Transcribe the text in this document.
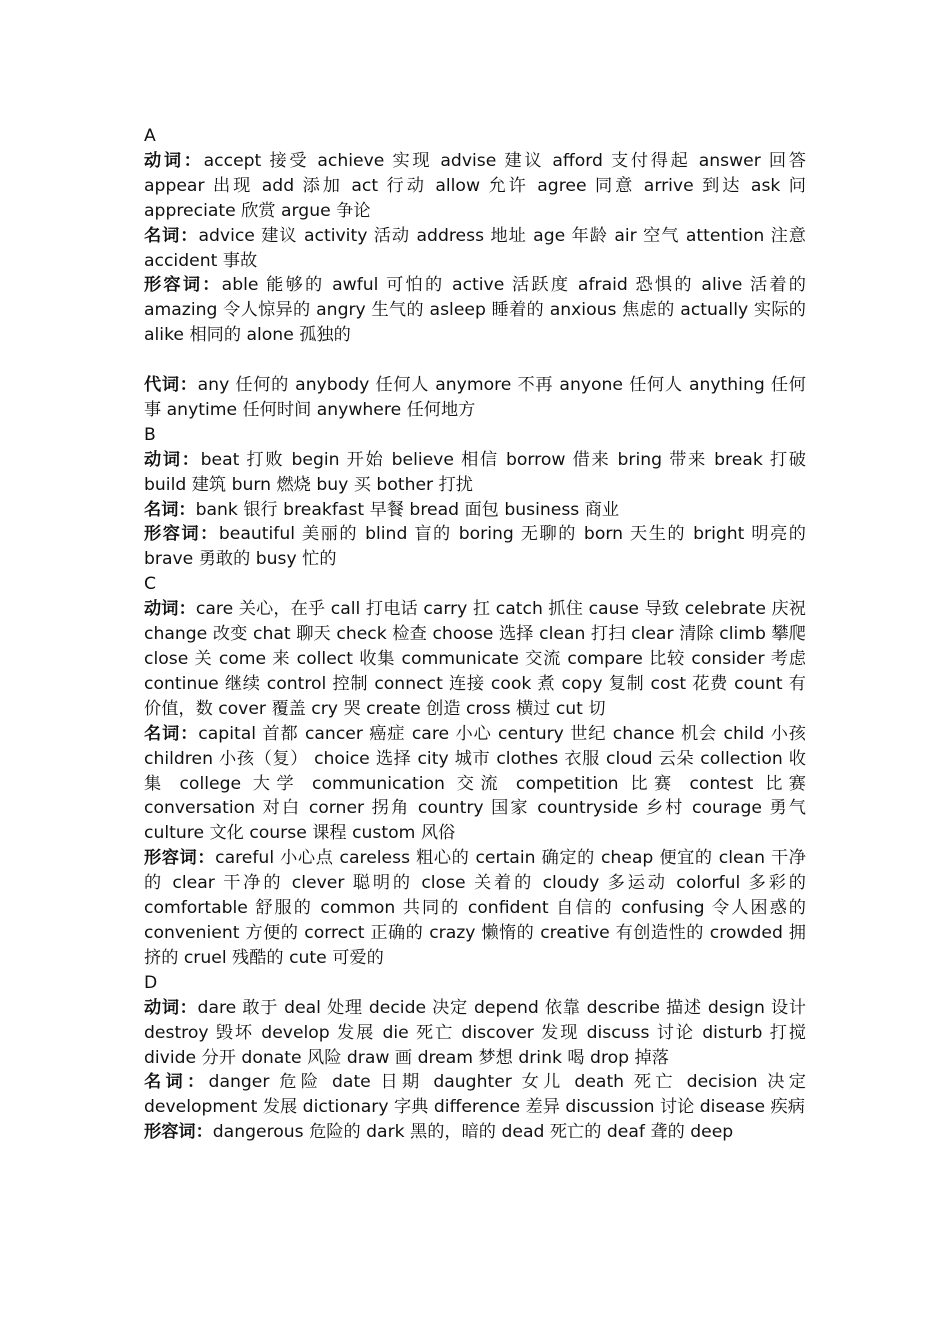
A

动词：accept 接受 achieve 实现 advise 建议 afford 支付得起 answer 回答 appear 出现 add 添加 act 行动 allow 允许 agree 同意 arrive 到达 ask 问 appreciate 欣赏 argue 争论

名词：advice 建议 activity 活动 address 地址 age 年龄 air 空气 attention 注意 accident 事故

形容词：able 能够的 awful 可怕的 active 活跃度 afraid 恐惧的 alive 活着的 amazing 令人惊异的 angry 生气的 asleep 睡着的 anxious 焦虑的 actually 实际的 alike 相同的 alone 孤独的

代词：any 任何的 anybody 任何人 anymore 不再 anyone 任何人 anything 任何事 anytime 任何时间 anywhere 任何地方

B

动词：beat 打败 begin 开始 believe 相信 borrow 借来 bring 带来 break 打破 build 建筑 burn 燃烧 buy 买 bother 打扰

名词：bank 银行 breakfast 早餐 bread 面包 business 商业

形容词：beautiful 美丽的 blind 盲的 boring 无聊的 born 天生的 bright 明亮的 brave 勇敢的 busy 忙的

C

动词：care 关心，在乎 call 打电话 carry 扛 catch 抓住 cause 导致 celebrate 庆祝 change 改变 chat 聊天 check 检查 choose 选择 clean 打扫 clear 清除 climb 攀爬 close 关 come 来 collect 收集 communicate 交流 compare 比较 consider 考虑 continue 继续 control 控制 connect 连接 cook 煮 copy 复制 cost 花费 count 有价值，数 cover 覆盖 cry 哭 create 创造 cross 横过 cut 切

名词：capital 首都 cancer 癌症 care 小心 century 世纪 chance 机会 child 小孩 children 小孩（复） choice 选择 city 城市 clothes 衣服 cloud 云朵 collection 收集 college 大学 communication 交流 competition 比赛 contest 比赛 conversation 对白 corner 拐角 country 国家 countryside 乡村 courage 勇气 culture 文化 course 课程 custom 风俗

形容词：careful 小心点 careless 粗心的 certain 确定的 cheap 便宜的 clean 干净的 clear 干净的 clever 聪明的 close 关着的 cloudy 多运动 colorful 多彩的 comfortable 舒服的 common 共同的 confident 自信的 confusing 令人困惑的 convenient 方便的 correct 正确的 crazy 懒惰的 creative 有创造性的 crowded 拥挤的 cruel 残酷的 cute 可爱的

D

动词：dare 敢于 deal 处理 decide 决定 depend 依靠 describe 描述 design 设计 destroy 毁坏 develop 发展 die 死亡 discover 发现 discuss 讨论 disturb 打搅 divide 分开 donate 风险 draw 画 dream 梦想 drink 喝 drop 掉落

名词：danger 危险 date 日期 daughter 女儿 death 死亡 decision 决定 development 发展 dictionary 字典 difference 差异 discussion 讨论 disease 疾病

形容词：dangerous 危险的 dark 黑的，暗的 dead 死亡的 deaf 聋的 deep
